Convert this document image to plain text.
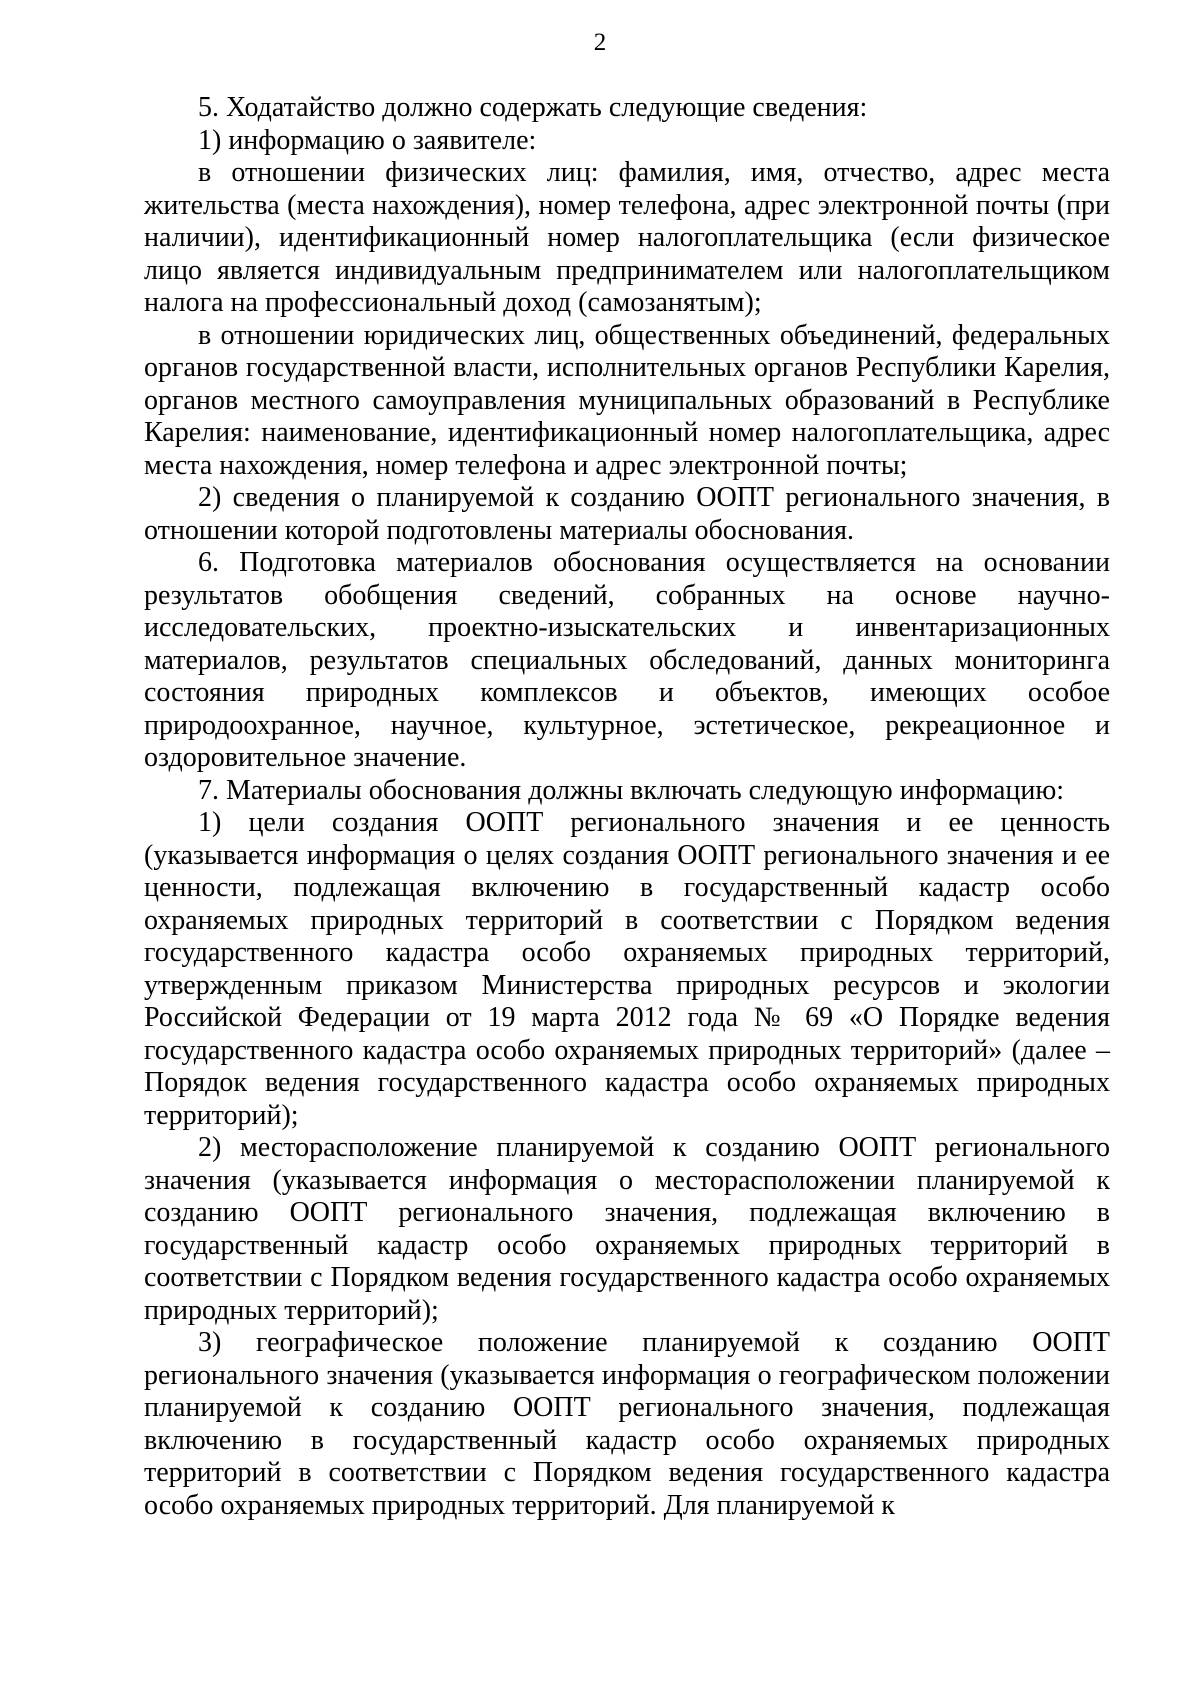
2

5. Ходатайство должно содержать следующие сведения:

1) информацию о заявителе:

в отношении физических лиц: фамилия, имя, отчество, адрес места жительства (места нахождения), номер телефона, адрес электронной почты (при наличии), идентификационный номер налогоплательщика (если физическое лицо является индивидуальным предпринимателем или налогоплательщиком налога на профессиональный доход (самозанятым);

в отношении юридических лиц, общественных объединений, федеральных органов государственной власти, исполнительных органов Республики Карелия, органов местного самоуправления муниципальных образований в Республике Карелия: наименование, идентификационный номер налогоплательщика, адрес места нахождения, номер телефона и адрес электронной почты;

2) сведения о планируемой к созданию ООПТ регионального значения, в отношении которой подготовлены материалы обоснования.

6. Подготовка материалов обоснования осуществляется на основании результатов обобщения сведений, собранных на основе научно-исследовательских, проектно-изыскательских и инвентаризационных материалов, результатов специальных обследований, данных мониторинга состояния природных комплексов и объектов, имеющих особое природоохранное, научное, культурное, эстетическое, рекреационное и оздоровительное значение.

7. Материалы обоснования должны включать следующую информацию:

1) цели создания ООПТ регионального значения и ее ценность (указывается информация о целях создания ООПТ регионального значения и ее ценности, подлежащая включению в государственный кадастр особо охраняемых природных территорий в соответствии с Порядком ведения государственного кадастра особо охраняемых природных территорий, утвержденным приказом Министерства природных ресурсов и экологии Российской Федерации от 19 марта 2012 года № 69 «О Порядке ведения государственного кадастра особо охраняемых природных территорий» (далее – Порядок ведения государственного кадастра особо охраняемых природных территорий);

2) месторасположение планируемой к созданию ООПТ регионального значения (указывается информация о месторасположении планируемой к созданию ООПТ регионального значения, подлежащая включению в государственный кадастр особо охраняемых природных территорий в соответствии с Порядком ведения государственного кадастра особо охраняемых природных территорий);

3) географическое положение планируемой к созданию ООПТ регионального значения (указывается информация о географическом положении планируемой к созданию ООПТ регионального значения, подлежащая включению в государственный кадастр особо охраняемых природных территорий в соответствии с Порядком ведения государственного кадастра особо охраняемых природных территорий. Для планируемой к
